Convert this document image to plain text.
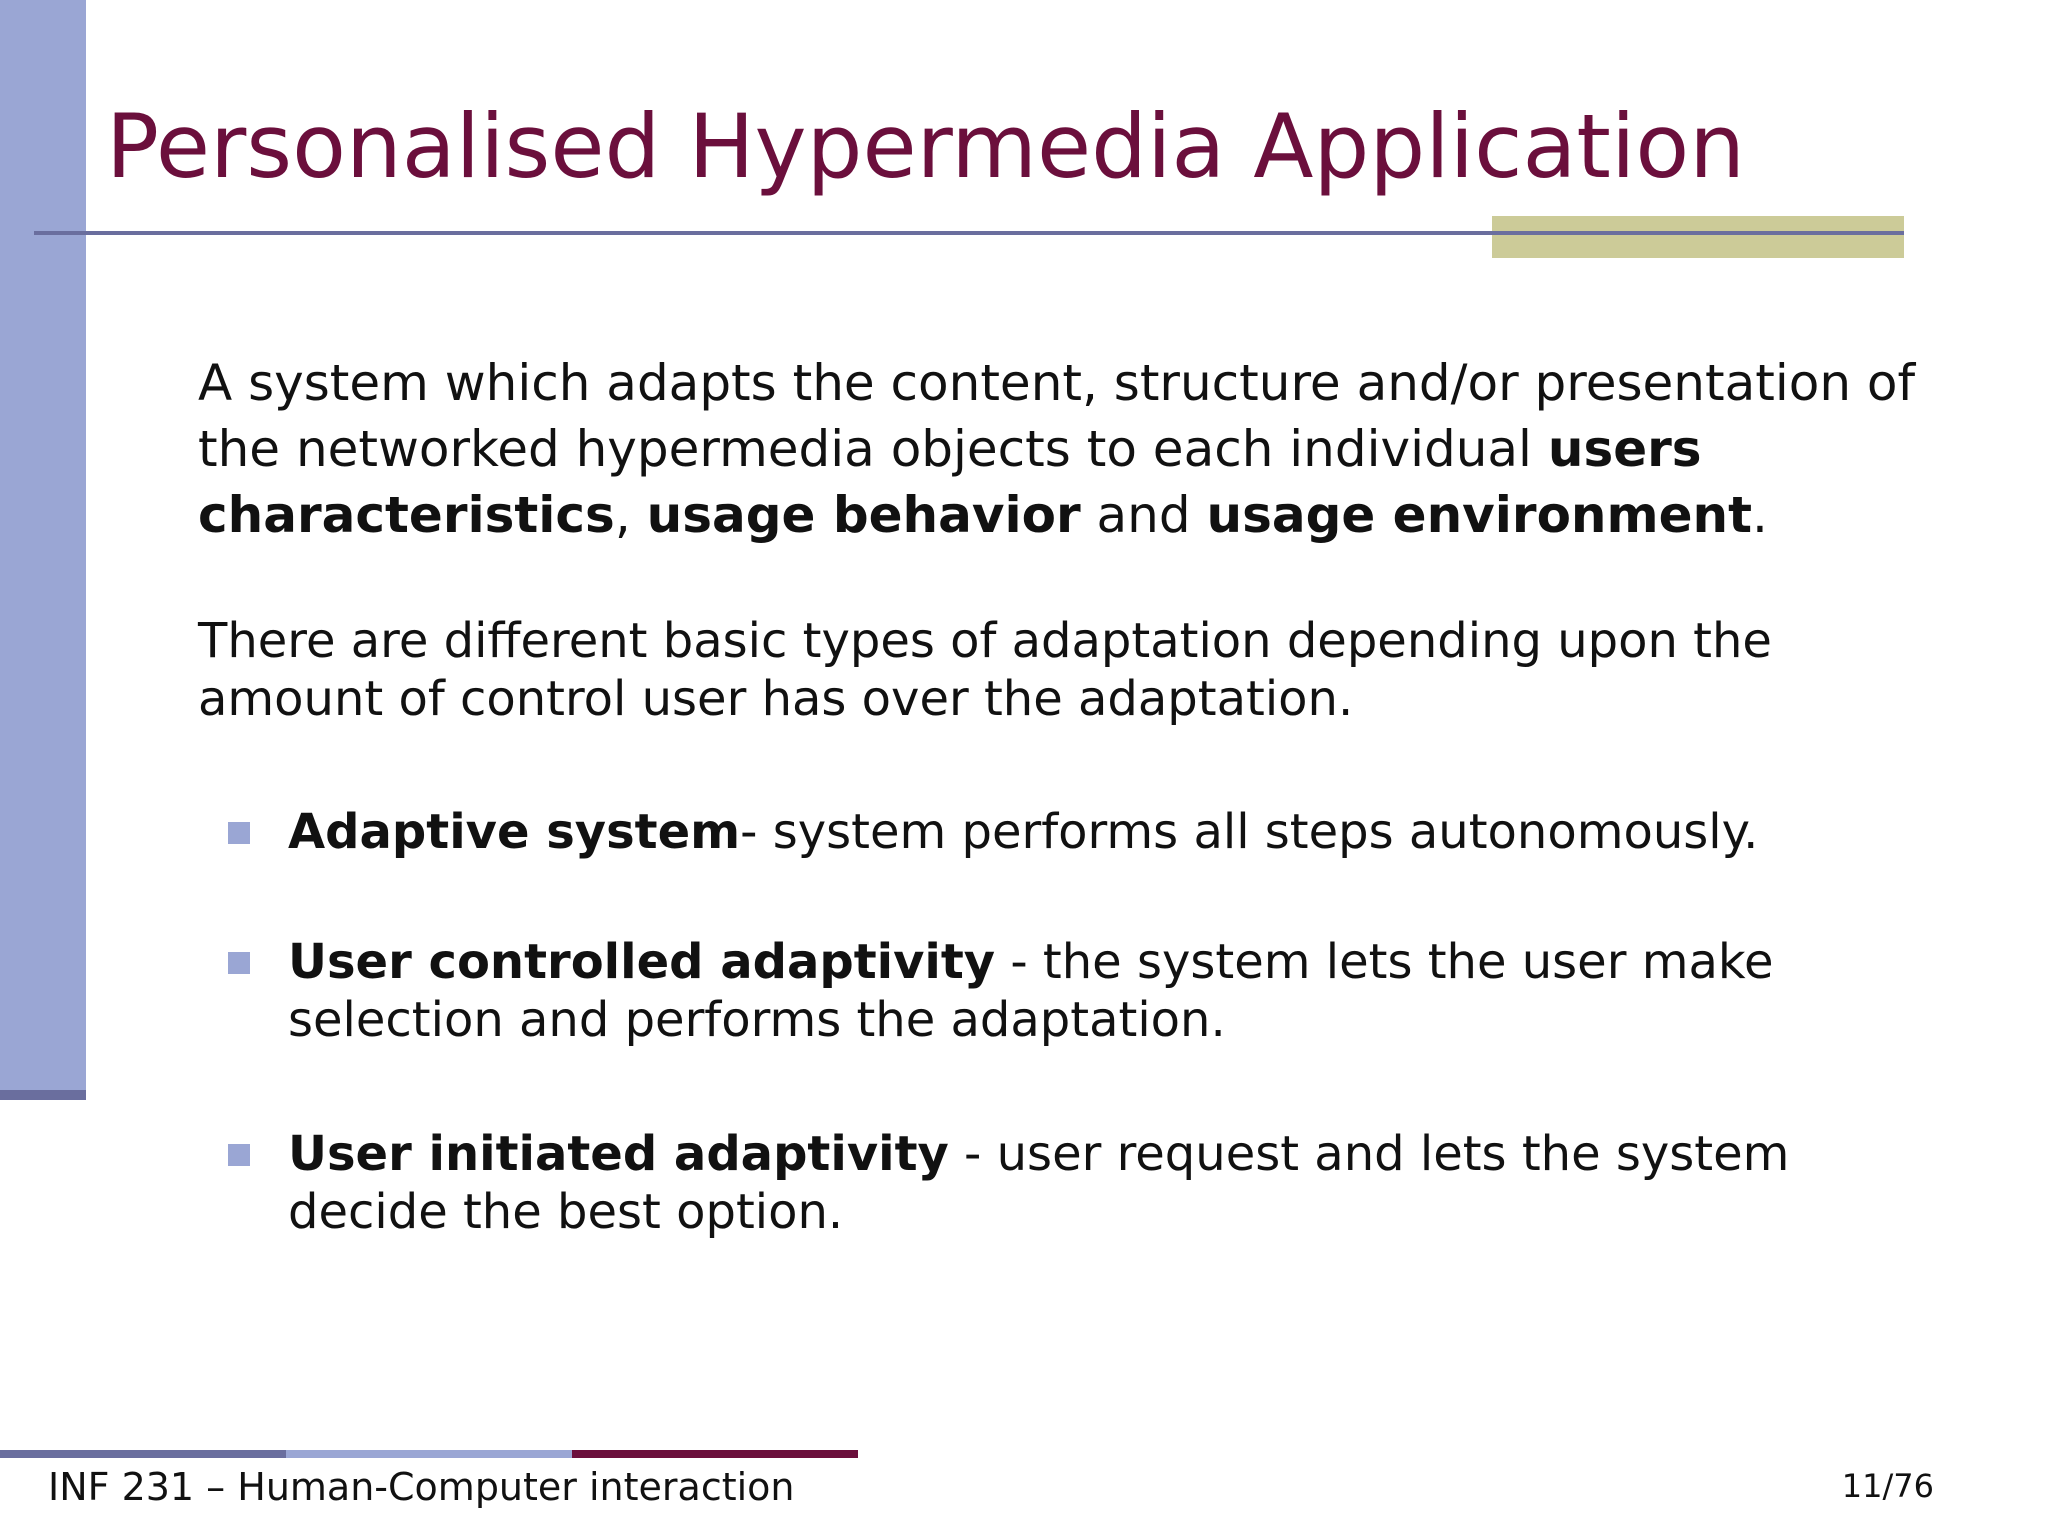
Personalised Hypermedia Application

A system which adapts the content, structure and/or presentation of the networked hypermedia objects to each individual users characteristics, usage behavior and usage environment.

There are different basic types of adaptation depending upon the amount of control user has over the adaptation.

Adaptive system- system performs all steps autonomously.
User controlled adaptivity - the system lets the user make selection and performs the adaptation.
User initiated adaptivity - user request and lets the system decide the best option.
INF 231 – Human-Computer interaction	11/76
